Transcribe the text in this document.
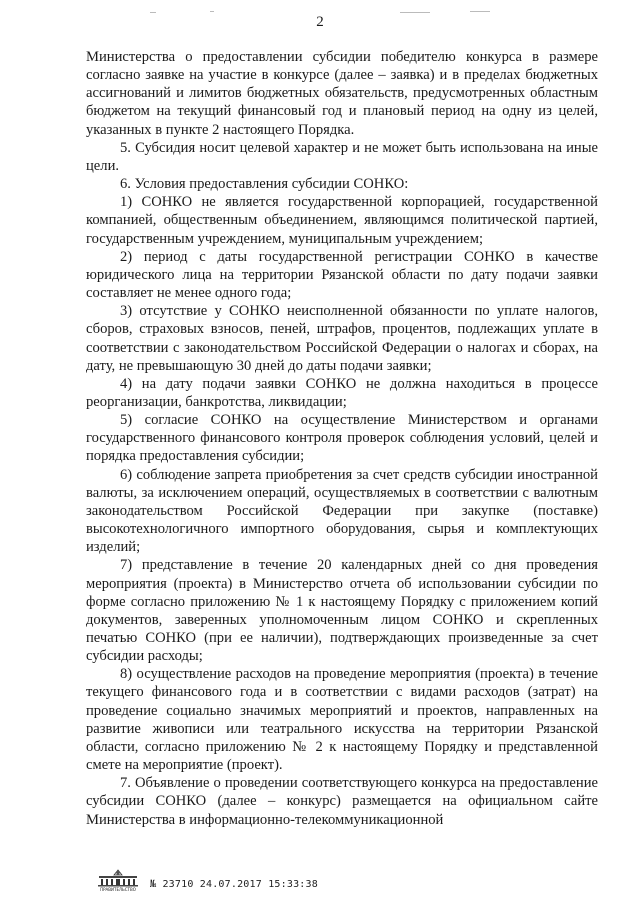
2

Министерства о предоставлении субсидии победителю конкурса в размере согласно заявке на участие в конкурсе (далее – заявка) и в пределах бюджетных ассигнований и лимитов бюджетных обязательств, предусмотренных областным бюджетом на текущий финансовый год и плановый период на одну из целей, указанных в пункте 2 настоящего Порядка.

5. Субсидия носит целевой характер и не может быть использована на иные цели.

6. Условия предоставления субсидии СОНКО:

1) СОНКО не является государственной корпорацией, государственной компанией, общественным объединением, являющимся политической партией, государственным учреждением, муниципальным учреждением;

2) период с даты государственной регистрации СОНКО в качестве юридического лица на территории Рязанской области по дату подачи заявки составляет не менее одного года;

3) отсутствие у СОНКО неисполненной обязанности по уплате налогов, сборов, страховых взносов, пеней, штрафов, процентов, подлежащих уплате в соответствии с законодательством Российской Федерации о налогах и сборах, на дату, не превышающую 30 дней до даты подачи заявки;

4) на дату подачи заявки СОНКО не должна находиться в процессе реорганизации, банкротства, ликвидации;

5) согласие СОНКО на осуществление Министерством и органами государственного финансового контроля проверок соблюдения условий, целей и порядка предоставления субсидии;

6) соблюдение запрета приобретения за счет средств субсидии иностранной валюты, за исключением операций, осуществляемых в соответствии с валютным законодательством Российской Федерации при закупке (поставке) высокотехнологичного импортного оборудования, сырья и комплектующих изделий;

7) представление в течение 20 календарных дней со дня проведения мероприятия (проекта) в Министерство отчета об использовании субсидии по форме согласно приложению № 1 к настоящему Порядку с приложением копий документов, заверенных уполномоченным лицом СОНКО и скрепленных печатью СОНКО (при ее наличии), подтверждающих произведенные за счет субсидии расходы;

8) осуществление расходов на проведение мероприятия (проекта) в течение текущего финансового года и в соответствии с видами расходов (затрат) на проведение социально значимых мероприятий и проектов, направленных на развитие живописи или театрального искусства на территории Рязанской области, согласно приложению № 2 к настоящему Порядку и представленной смете на мероприятие (проект).

7. Объявление о проведении соответствующего конкурса на предоставление субсидии СОНКО (далее – конкурс) размещается на официальном сайте Министерства в информационно-телекоммуникационной

ПРАВИТЕЛЬСТВО	№ 23710 24.07.2017 15:33:38
